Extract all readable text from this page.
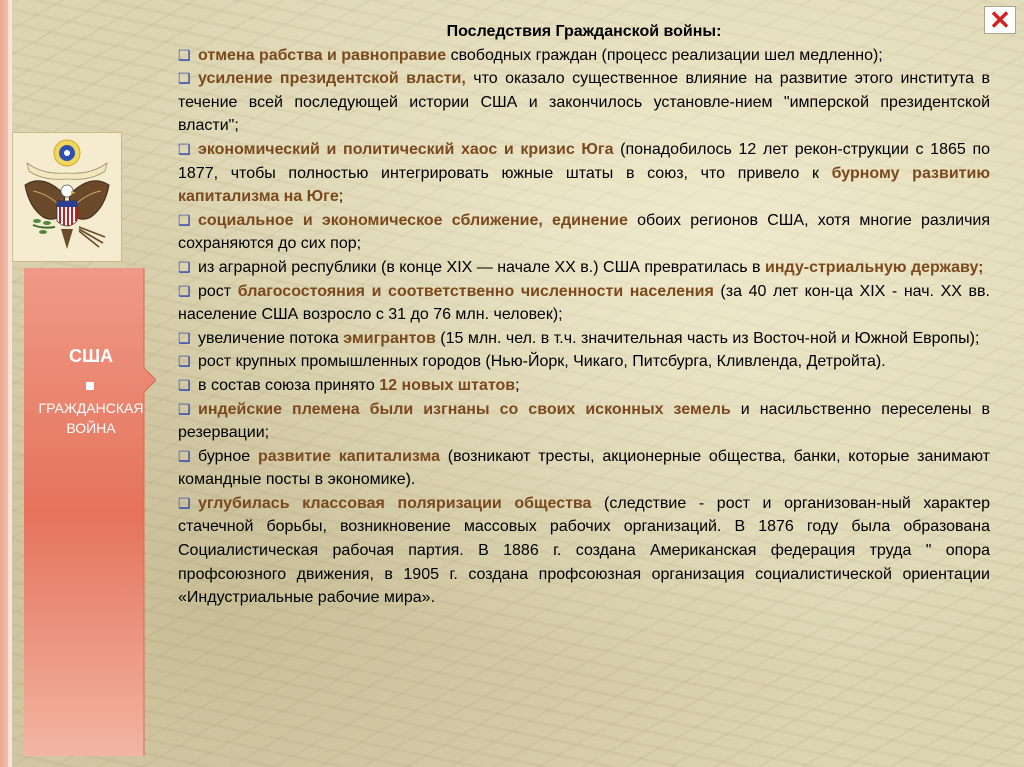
США
ГРАЖДАНСКАЯ
ВОЙНА
✕
Последствия Гражданской войны:

❑ отмена рабства и равноправие свободных граждан (процесс реализации шел медленно);

❑ усиление президентской власти, что оказало существенное влияние на развитие этого института в течение всей последующей истории США и закончилось установле-нием "имперской президентской власти";

❑ экономический и политический хаос и кризис Юга (понадобилось 12 лет рекон-струкции с 1865 по 1877, чтобы полностью интегрировать южные штаты в союз, что привело к бурному развитию капитализма на Юге;

❑ социальное и экономическое сближение, единение обоих регионов США, хотя многие различия сохраняются до сих пор;

❑ из аграрной республики (в конце XIX — начале XX в.) США превратилась в инду-стриальную державу;

❑ рост благосостояния и соответственно численности населения (за 40 лет кон-ца XIX - нач. XX вв. население США возросло с 31 до 76 млн. человек);

❑ увеличение потока эмигрантов (15 млн. чел. в т.ч. значительная часть из Восточ-ной и Южной Европы);

❑ рост крупных промышленных городов (Нью-Йорк, Чикаго, Питсбурга, Кливленда, Детройта).

❑ в состав союза принято 12 новых штатов;

❑ индейские племена были изгнаны со своих исконных земель и насильственно переселены в резервации;

❑ бурное развитие капитализма (возникают тресты, акционерные общества, банки, которые занимают командные посты в экономике).

❑ углубилась классовая поляризации общества (следствие - рост и организован-ный характер стачечной борьбы, возникновение массовых рабочих организаций. В 1876 году была образована Социалистическая рабочая партия. В 1886 г. создана Американская федерация труда " опора профсоюзного движения, в 1905 г. создана профсоюзная организация социалистической ориентации «Индустриальные рабочие мира».
